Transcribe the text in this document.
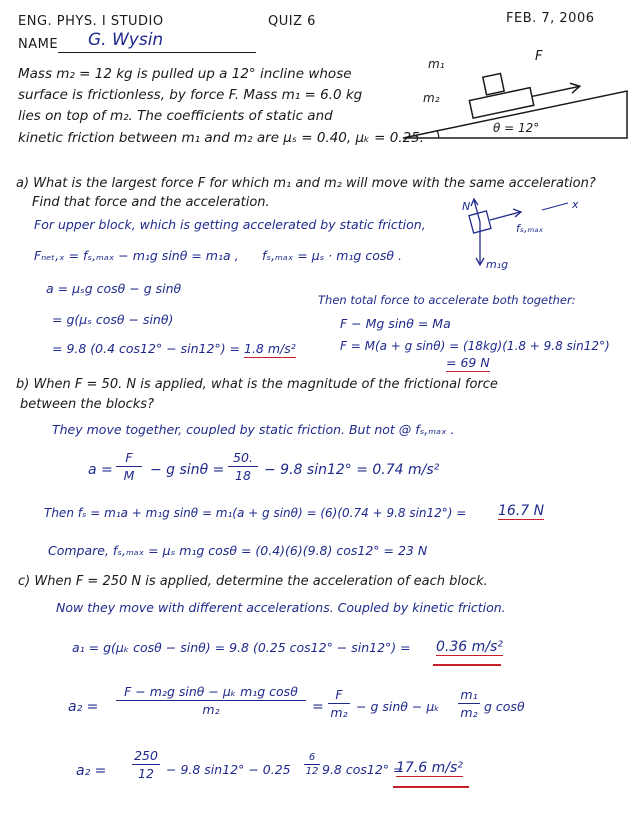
ENG. PHYS. I STUDIO	QUIZ 6	FEB. 7, 2006
NAME G. Wysin
Mass m₂ = 12 kg is pulled up a 12° incline whose
surface is frictionless, by force F. Mass m₁ = 6.0 kg
lies on top of m₂. The coefficients of static and
kinetic friction between m₁ and m₂ are μₛ = 0.40, μₖ = 0.25.
m₁
m₂
F
θ = 12°
a) What is the largest force F for which m₁ and m₂ will move with the same acceleration?
Find that force and the acceleration.
For upper block, which is getting accelerated by static friction,
Fₙₑₜ,ₓ = fₛ,ₘₐₓ − m₁g sinθ = m₁a , fₛ,ₘₐₓ = μₛ · m₁g cosθ .
a = μₛg cosθ − g sinθ
= g(μₛ cosθ − sinθ)
= 9.8 (0.4 cos12° − sin12°) = 1.8 m/s²
Then total force to accelerate both together:
F − Mg sinθ = Ma
F = M(a + g sinθ) = (18kg)(1.8 + 9.8 sin12°)
= 69 N
N
fₛ,ₘₐₓ
x
m₁g
b) When F = 50. N is applied, what is the magnitude of the frictional force
between the blocks?
They move together, coupled by static friction. But not @ fₛ,ₘₐₓ .
$a = \frac{F}{M} - g$ $\sin\theta = \frac{50.}{18} - 9.8$ sin12° = 0.74 m/s²
Then fₛ = m₁a + m₁g sinθ = m₁(a + g sinθ) = (6)(0.74 + 9.8 sin12°) = 16.7 N
Compare, fₛ,ₘₐₓ = μₛ m₁g cosθ = (0.4)(6)(9.8) cos12° = 23 N
c) When F = 250 N is applied, determine the acceleration of each block.
Now they move with different accelerations. Coupled by kinetic friction.
a₁ = g(μₖ cosθ − sinθ) = 9.8 (0.25 cos12° − sin12°) = 0.36 m/s²
$a_2 = \frac{\text{F − m₂g sinθ − μₖ m₁g cosθ}}{\text{m₂}} = \frac{F}{\text{m₂}} - g$ sinθ − μₖ $\frac{\text{m₁}}{\text{m₂}}$ g cosθ
$a_2 = \frac{250}{12} - 9.8$ $\sin 12^\circ - 0.25 \frac{6}{12} 9.8$ cos12° =
17.6 m/s²
